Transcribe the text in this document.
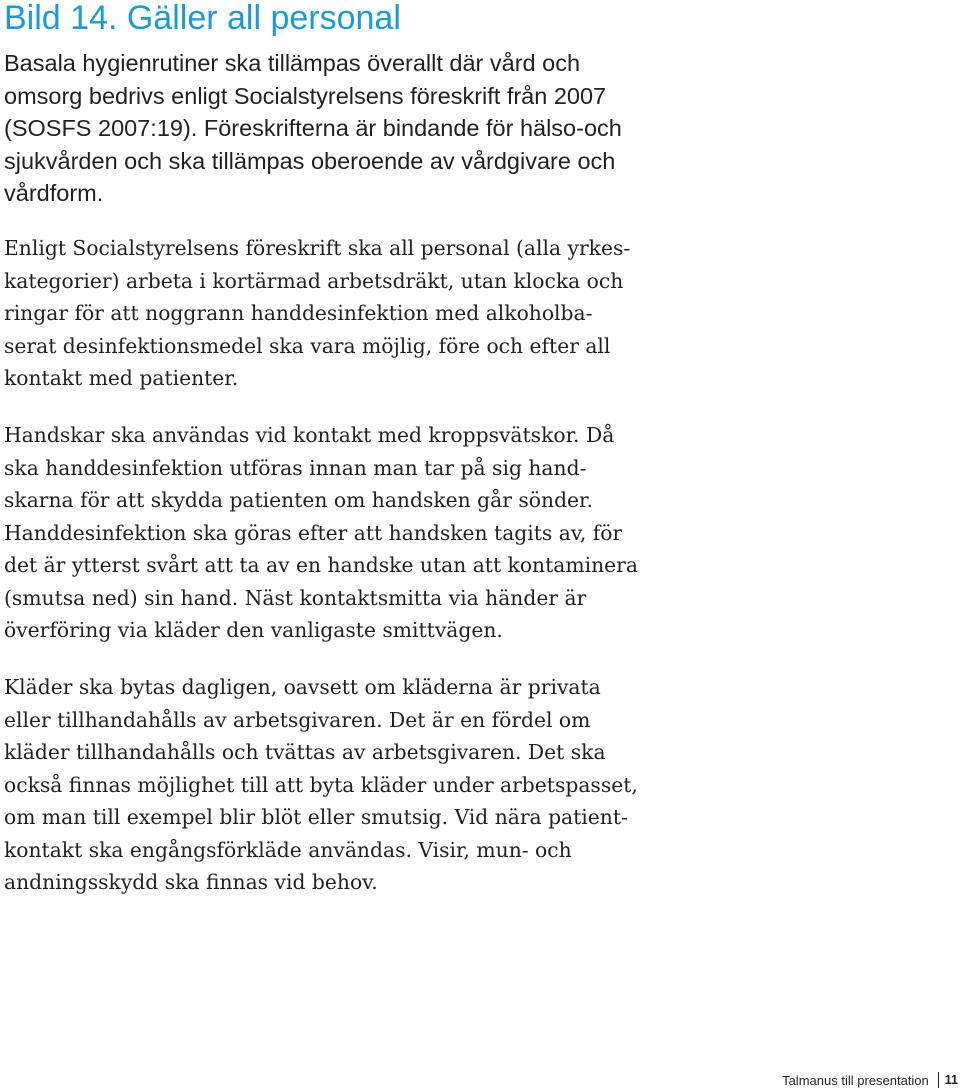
Bild 14. Gäller all personal

Basala hygienrutiner ska tillämpas överallt där vård och
omsorg bedrivs enligt Socialstyrelsens föreskrift från 2007
(SOSFS 2007:19). Föreskrifterna är bindande för hälso-och
sjukvården och ska tillämpas oberoende av vårdgivare och
vårdform.

Enligt Socialstyrelsens föreskrift ska all personal (alla yrkes-
kategorier) arbeta i kortärmad arbetsdräkt, utan klocka och
ringar för att noggrann handdesinfektion med alkoholba-
serat desinfektionsmedel ska vara möjlig, före och efter all
kontakt med patienter.

Handskar ska användas vid kontakt med kroppsvätskor. Då
ska handdesinfektion utföras innan man tar på sig hand-
skarna för att skydda patienten om handsken går sönder.
Handdesinfektion ska göras efter att handsken tagits av, för
det är ytterst svårt att ta av en handske utan att kontaminera
(smutsa ned) sin hand. Näst kontaktsmitta via händer är
överföring via kläder den vanligaste smittvägen.

Kläder ska bytas dagligen, oavsett om kläderna är privata
eller tillhandahålls av arbetsgivaren. Det är en fördel om
kläder tillhandahålls och tvättas av arbetsgivaren. Det ska
också finnas möjlighet till att byta kläder under arbetspasset,
om man till exempel blir blöt eller smutsig. Vid nära patient-
kontakt ska engångsförkläde användas. Visir, mun- och
andningsskydd ska finnas vid behov.

Talmanus till presentation	11
